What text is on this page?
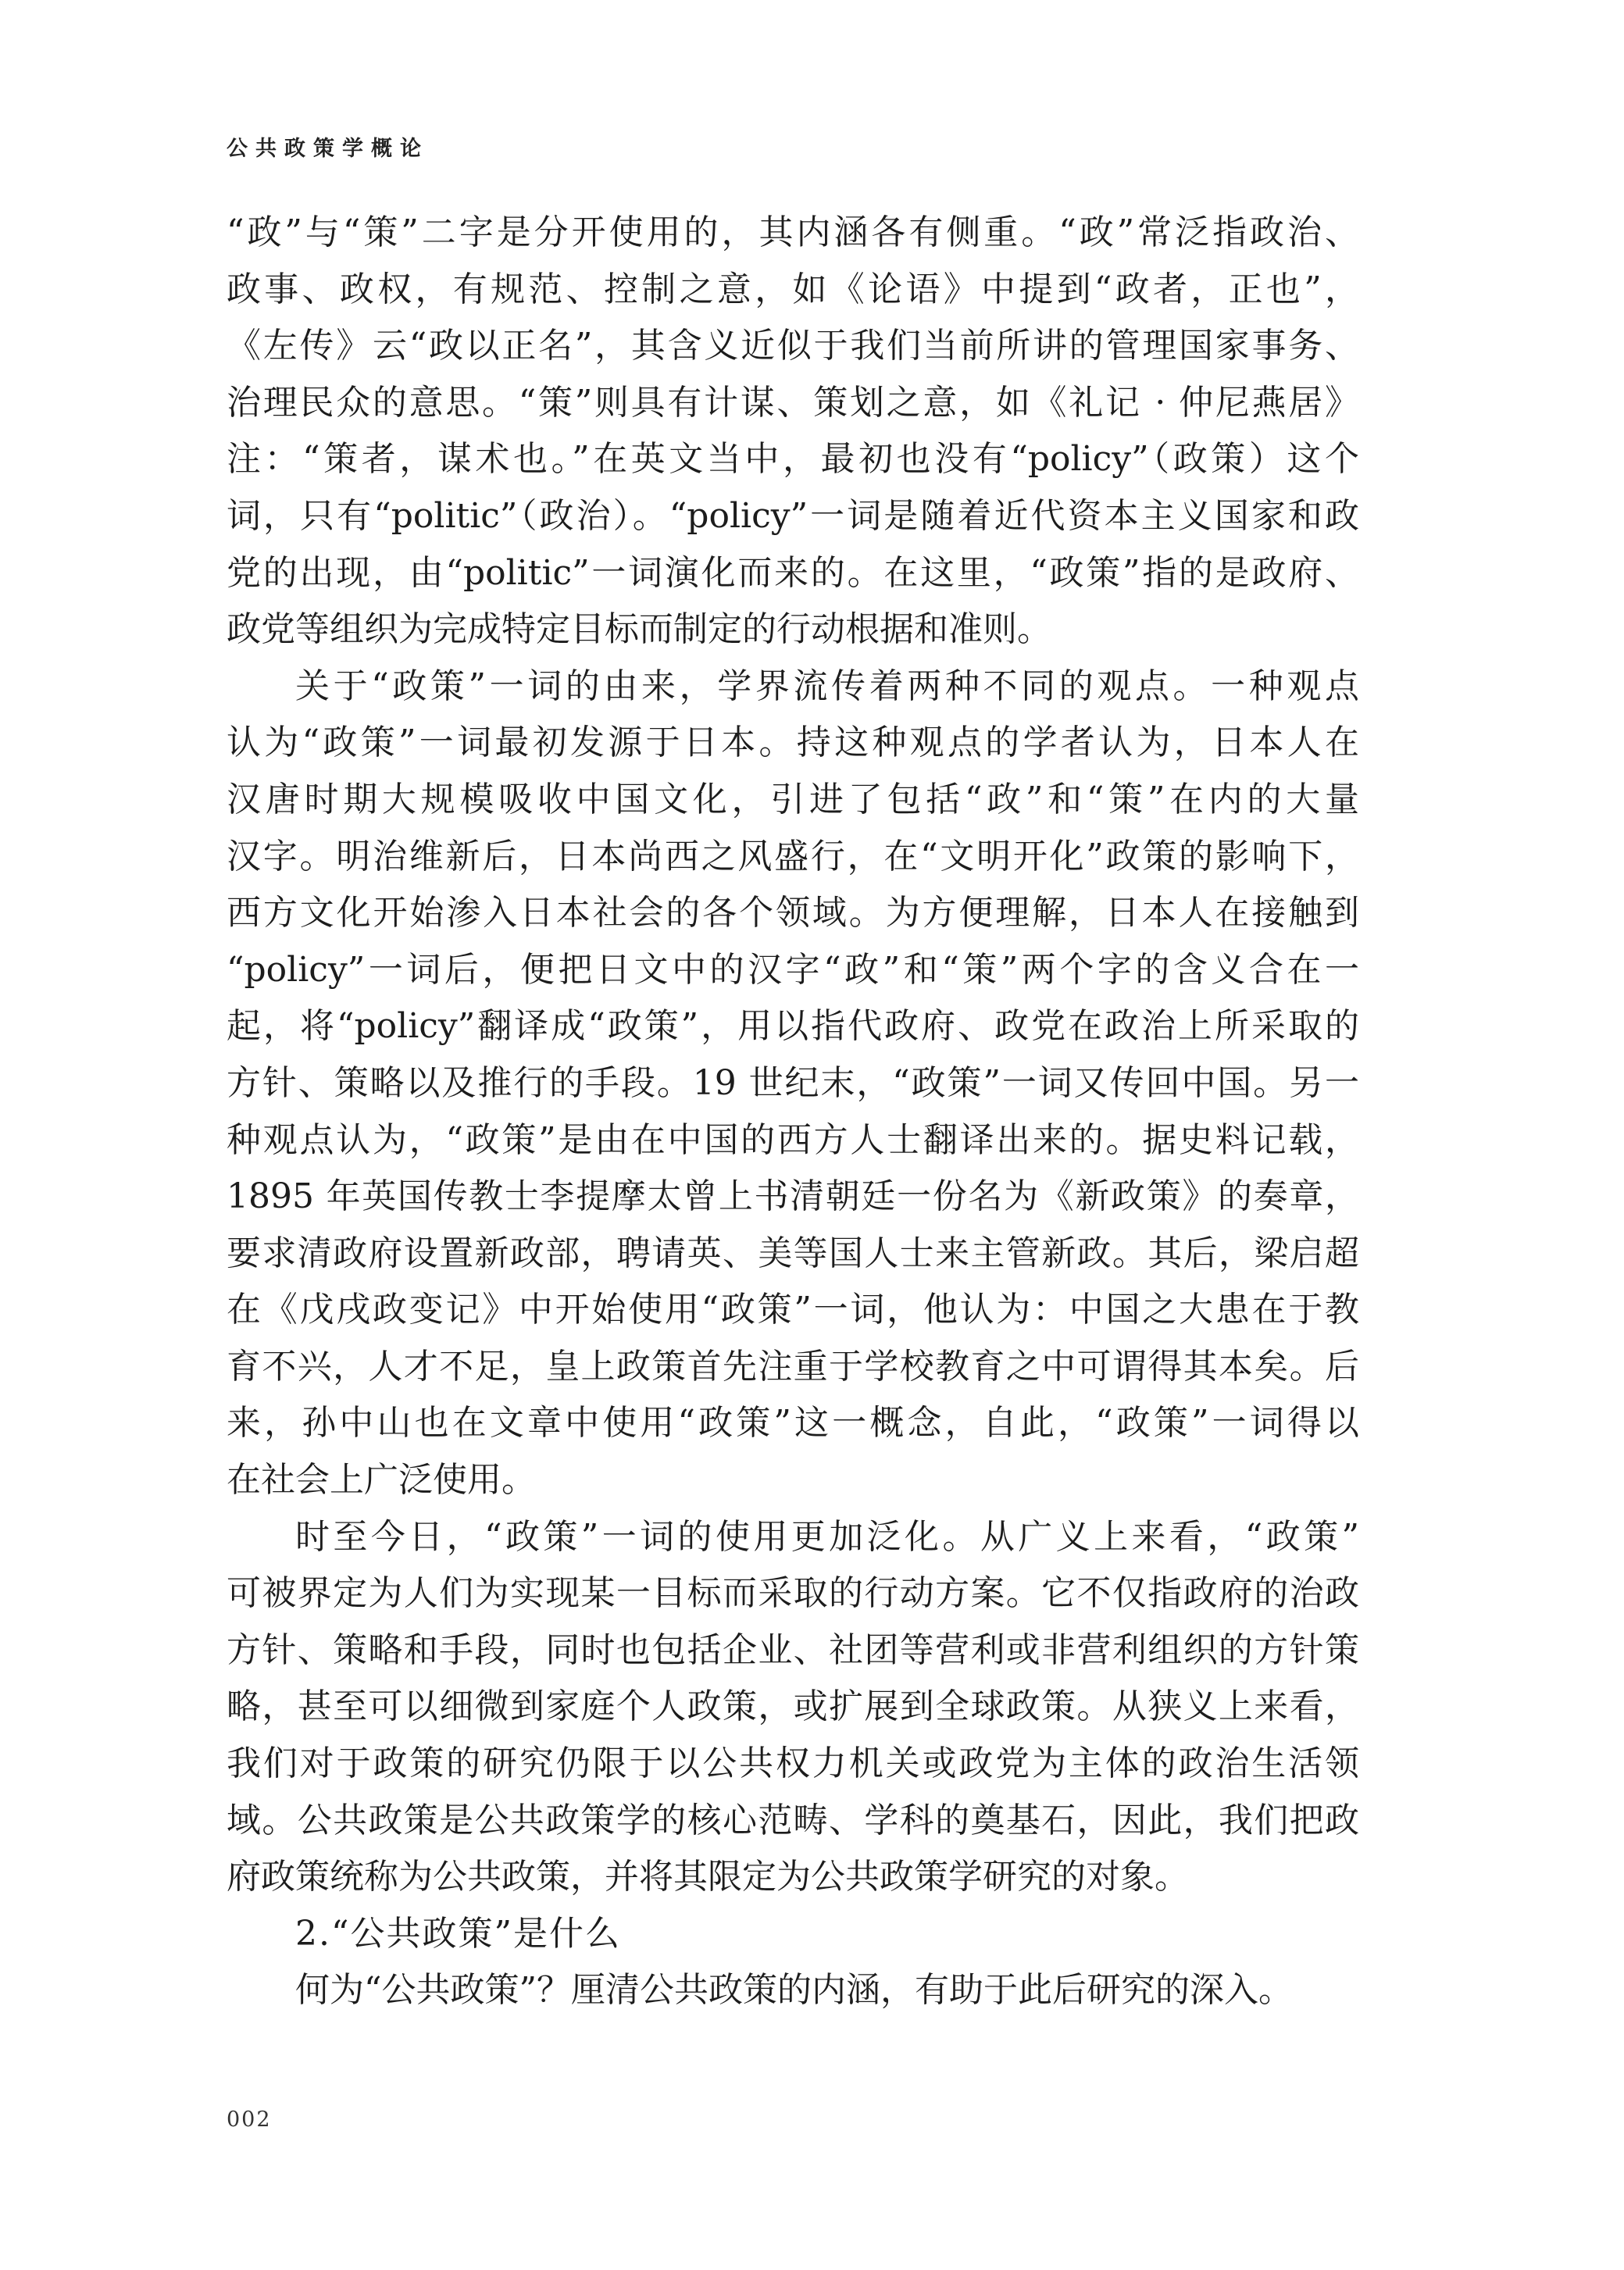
公共政策学概论
“政”与“策”二字是分开使用的，其内涵各有侧重。“政”常泛指政治、
政事、政权，有规范、控制之意，如《论语》中提到“政者，正也”，
《左传》云“政以正名”，其含义近似于我们当前所讲的管理国家事务、
治理民众的意思。“策”则具有计谋、策划之意，如《礼记 · 仲尼燕居》
注：“策者，谋术也。”在英文当中，最初也没有“policy”（政策）这个
词，只有“politic”（政治）。“policy”一词是随着近代资本主义国家和政
党的出现，由“politic”一词演化而来的。在这里，“政策”指的是政府、
政党等组织为完成特定目标而制定的行动根据和准则。
关于“政策”一词的由来，学界流传着两种不同的观点。一种观点
认为“政策”一词最初发源于日本。持这种观点的学者认为，日本人在
汉唐时期大规模吸收中国文化，引进了包括“政”和“策”在内的大量
汉字。明治维新后，日本尚西之风盛行，在“文明开化”政策的影响下，
西方文化开始渗入日本社会的各个领域。为方便理解，日本人在接触到
“policy”一词后，便把日文中的汉字“政”和“策”两个字的含义合在一
起，将“policy”翻译成“政策”，用以指代政府、政党在政治上所采取的
方针、策略以及推行的手段。19 世纪末，“政策”一词又传回中国。另一
种观点认为，“政策”是由在中国的西方人士翻译出来的。据史料记载，
1895 年英国传教士李提摩太曾上书清朝廷一份名为《新政策》的奏章，
要求清政府设置新政部，聘请英、美等国人士来主管新政。其后，梁启超
在《戊戌政变记》中开始使用“政策”一词，他认为：中国之大患在于教
育不兴，人才不足，皇上政策首先注重于学校教育之中可谓得其本矣。后
来，孙中山也在文章中使用“政策”这一概念，自此，“政策”一词得以
在社会上广泛使用。
时至今日，“政策”一词的使用更加泛化。从广义上来看，“政策”
可被界定为人们为实现某一目标而采取的行动方案。它不仅指政府的治政
方针、策略和手段，同时也包括企业、社团等营利或非营利组织的方针策
略，甚至可以细微到家庭个人政策，或扩展到全球政策。从狭义上来看，
我们对于政策的研究仍限于以公共权力机关或政党为主体的政治生活领
域。公共政策是公共政策学的核心范畴、学科的奠基石，因此，我们把政
府政策统称为公共政策，并将其限定为公共政策学研究的对象。
2.“公共政策”是什么
何为“公共政策”？厘清公共政策的内涵，有助于此后研究的深入。
002
